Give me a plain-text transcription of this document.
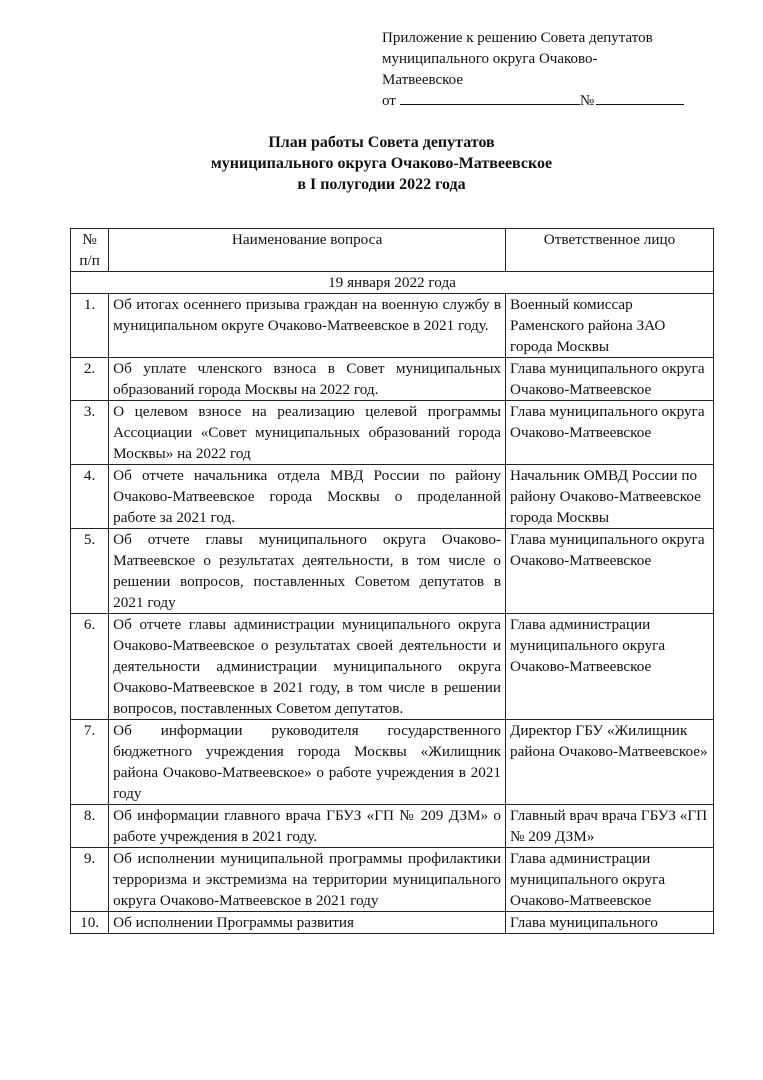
Приложение к решению Совета депутатов
муниципального округа Очаково-
Матвеевское
от	№
План работы Совета депутатов
муниципального округа Очаково-Матвеевское
в I полугодии 2022 года
№ п/п	Наименование вопроса	Ответственное лицо
19 января 2022 года		
1.	Об итогах осеннего призыва граждан на военную службу в муниципальном округе Очаково-Матвеевское в 2021 году.	Военный комиссар Раменского района ЗАО города Москвы
2.	Об уплате членского взноса в Совет муниципальных образований города Москвы на 2022 год.	Глава муниципального округа Очаково-Матвеевское
3.	О целевом взносе на реализацию целевой программы Ассоциации «Совет муниципальных образований города Москвы» на 2022 год	Глава муниципального округа Очаково-Матвеевское
4.	Об отчете начальника отдела МВД России по району Очаково-Матвеевское города Москвы о проделанной работе за 2021 год.	Начальник ОМВД России по району Очаково-Матвеевское города Москвы
5.	Об отчете главы муниципального округа Очаково-Матвеевское о результатах деятельности, в том числе о решении вопросов, поставленных Советом депутатов в 2021 году	Глава муниципального округа Очаково-Матвеевское
6.	Об отчете главы администрации муниципального округа Очаково-Матвеевское о результатах своей деятельности и деятельности администрации муниципального округа Очаково-Матвеевское в 2021 году, в том числе в решении вопросов, поставленных Советом депутатов.	Глава администрации муниципального округа Очаково-Матвеевское
7.	Об информации руководителя государственного бюджетного учреждения города Москвы «Жилищник района Очаково-Матвеевское» о работе учреждения в 2021 году	Директор ГБУ «Жилищник района Очаково-Матвеевское»
8.	Об информации главного врача ГБУЗ «ГП № 209 ДЗМ» о работе учреждения в 2021 году.	Главный врач врача ГБУЗ «ГП № 209 ДЗМ»
9.	Об исполнении муниципальной программы профилактики терроризма и экстремизма на территории муниципального округа Очаково-Матвеевское в 2021 году	Глава администрации муниципального округа Очаково-Матвеевское
10.	Об исполнении Программы развития	Глава муниципального
